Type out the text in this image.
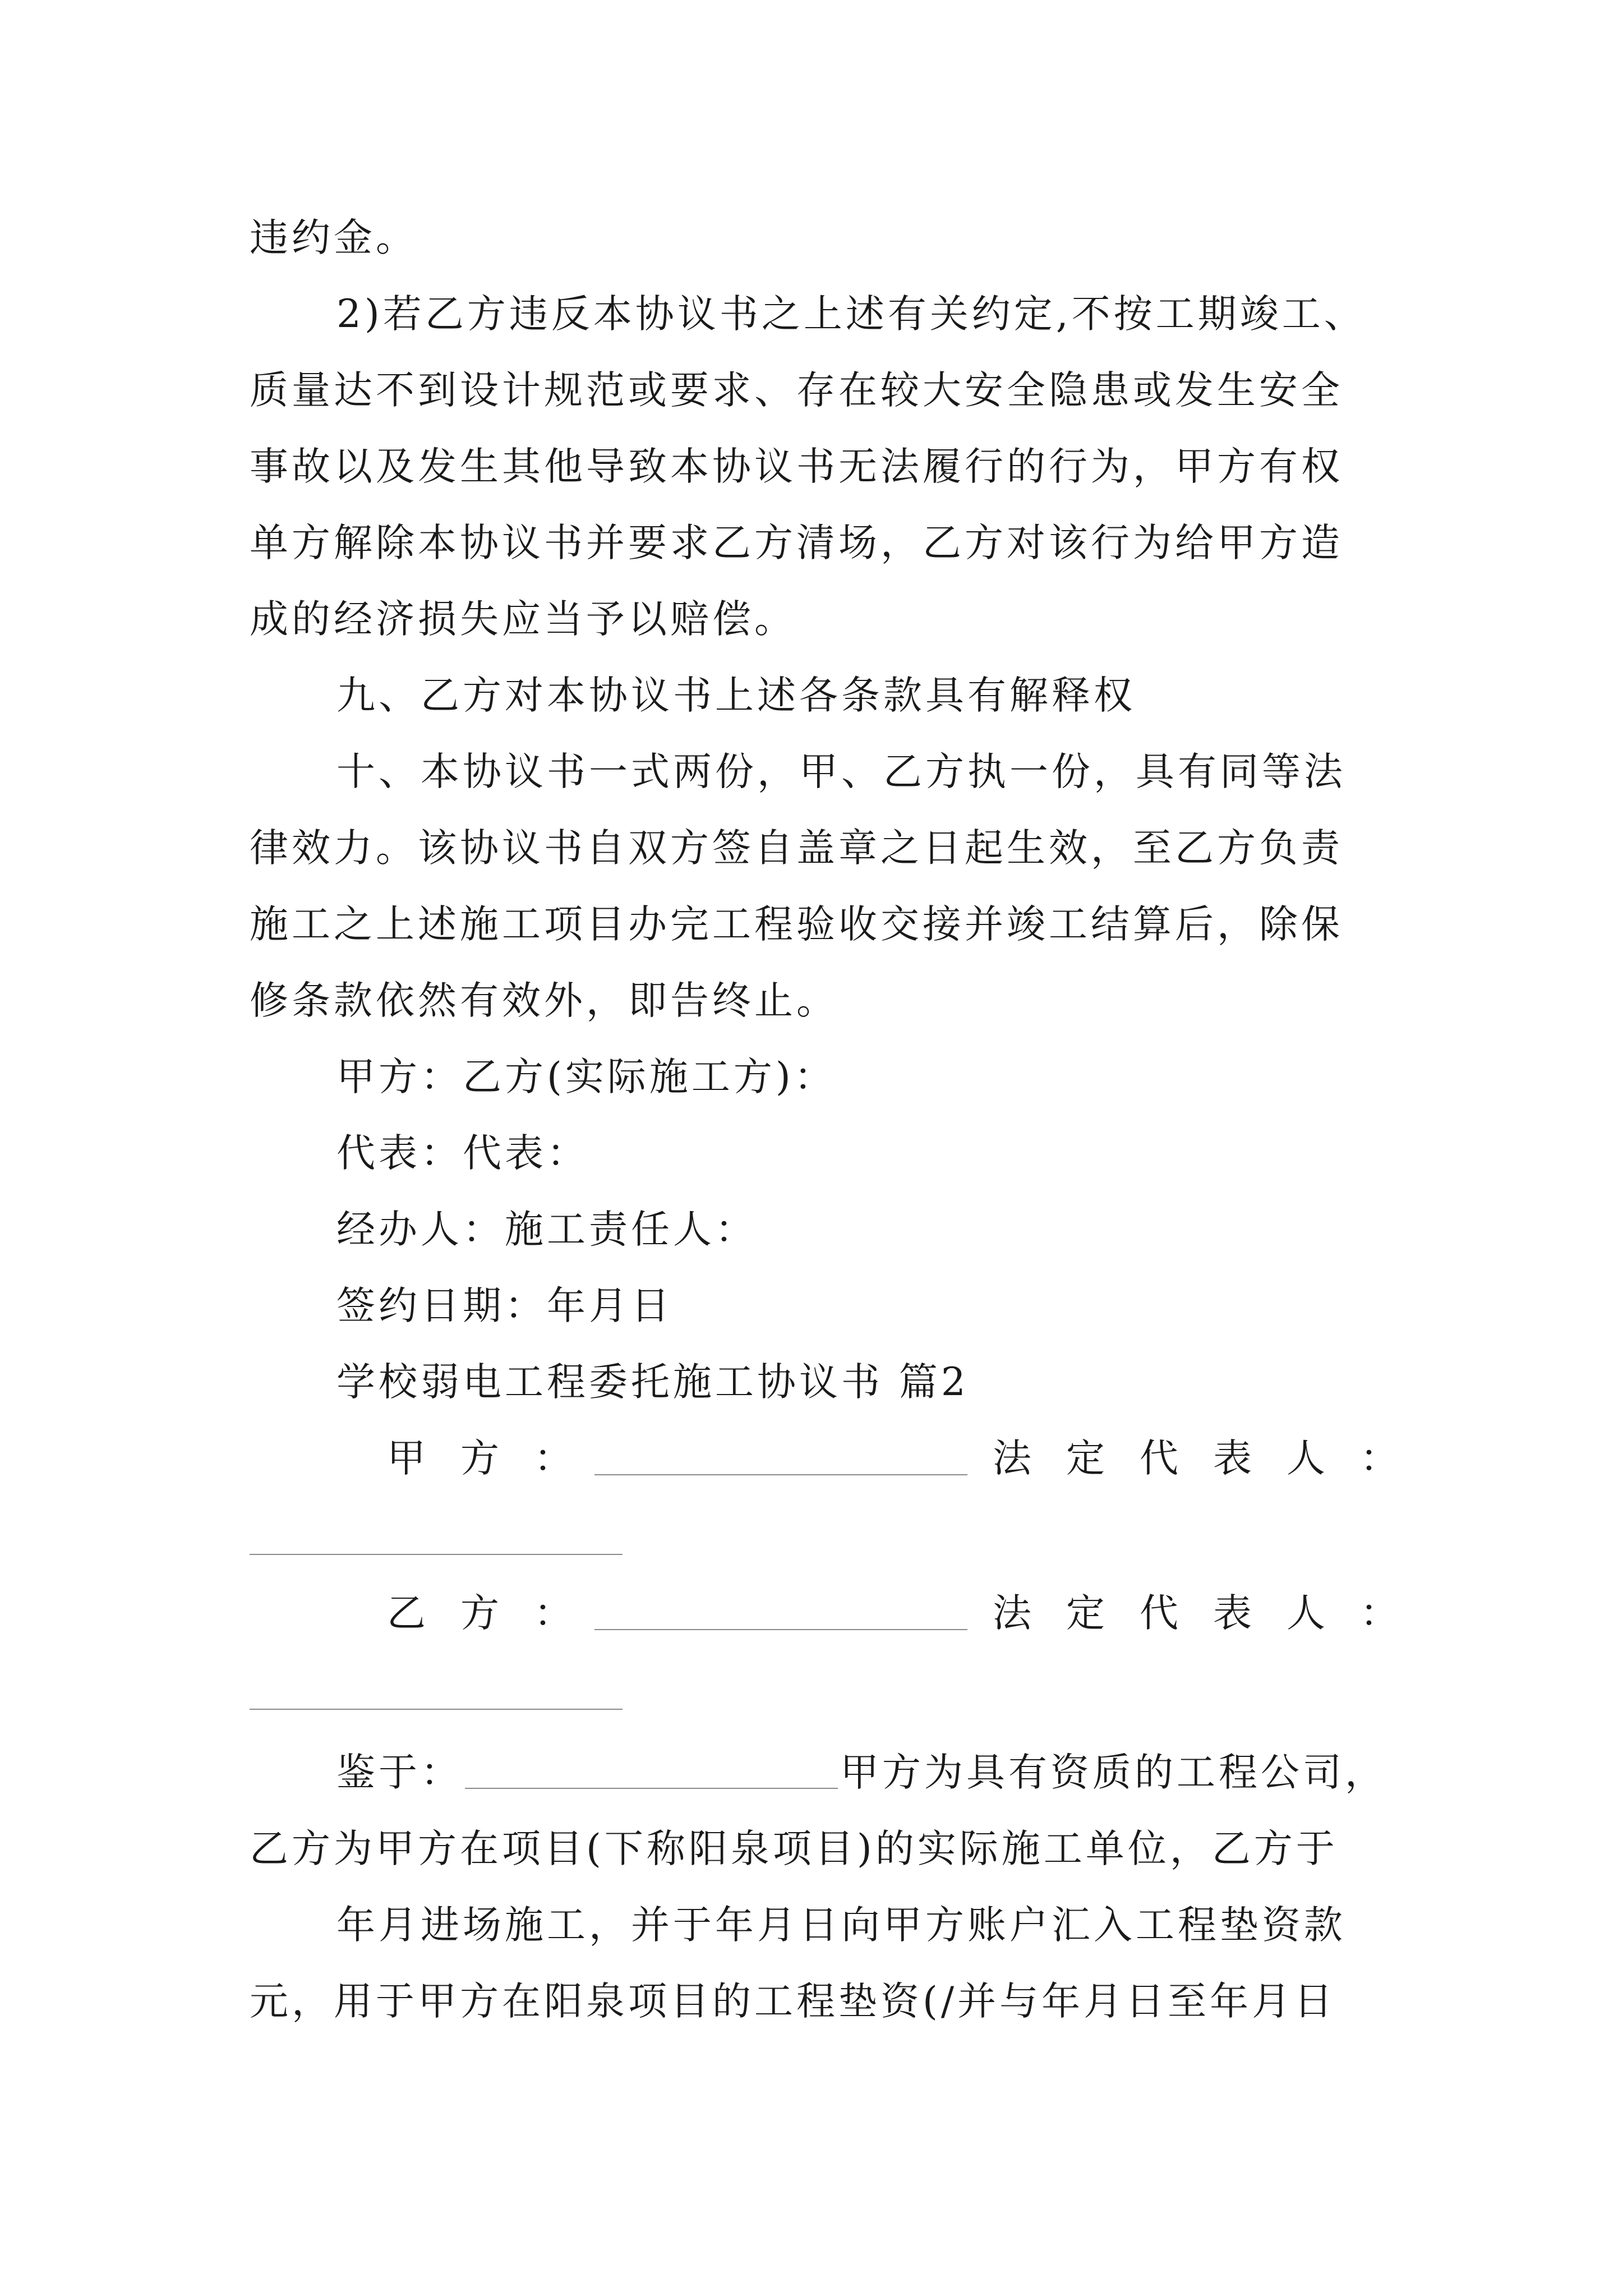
违约金。
2)若乙方违反本协议书之上述有关约定,不按工期竣工、
质量达不到设计规范或要求、存在较大安全隐患或发生安全
事故以及发生其他导致本协议书无法履行的行为，甲方有权
单方解除本协议书并要求乙方清场，乙方对该行为给甲方造
成的经济损失应当予以赔偿。
九、乙方对本协议书上述各条款具有解释权
十、本协议书一式两份，甲、乙方执一份，具有同等法
律效力。该协议书自双方签自盖章之日起生效，至乙方负责
施工之上述施工项目办完工程验收交接并竣工结算后，除保
修条款依然有效外，即告终止。
甲方：乙方(实际施工方)：
代表：代表：
经办人：施工责任人：
签约日期：年月日
学校弱电工程委托施工协议书 篇2
甲方：	法定代表人：
乙方：	法定代表人：
鉴于：	甲方为具有资质的工程公司，
乙方为甲方在项目(下称阳泉项目)的实际施工单位，乙方于
年月进场施工，并于年月日向甲方账户汇入工程垫资款
元，用于甲方在阳泉项目的工程垫资(/并与年月日至年月日
